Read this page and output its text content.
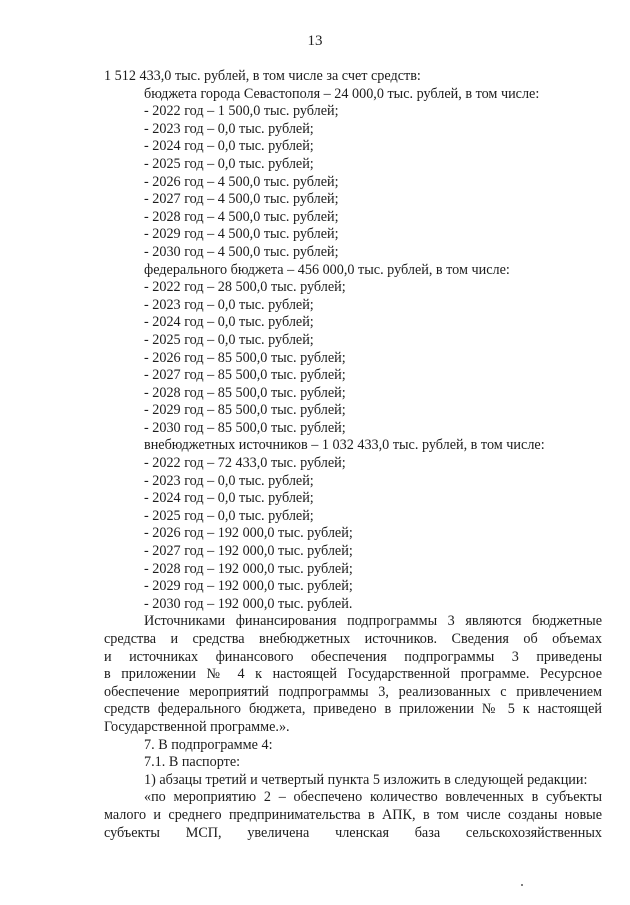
13
1 512 433,0 тыс. рублей, в том числе за счет средств:
бюджета города Севастополя – 24 000,0 тыс. рублей, в том числе:
- 2022 год – 1 500,0 тыс. рублей;
- 2023 год – 0,0 тыс. рублей;
- 2024 год – 0,0 тыс. рублей;
- 2025 год – 0,0 тыс. рублей;
- 2026 год – 4 500,0 тыс. рублей;
- 2027 год – 4 500,0 тыс. рублей;
- 2028 год – 4 500,0 тыс. рублей;
- 2029 год – 4 500,0 тыс. рублей;
- 2030 год – 4 500,0 тыс. рублей;
федерального бюджета – 456 000,0 тыс. рублей, в том числе:
- 2022 год – 28 500,0 тыс. рублей;
- 2023 год – 0,0 тыс. рублей;
- 2024 год – 0,0 тыс. рублей;
- 2025 год – 0,0 тыс. рублей;
- 2026 год – 85 500,0 тыс. рублей;
- 2027 год – 85 500,0 тыс. рублей;
- 2028 год – 85 500,0 тыс. рублей;
- 2029 год – 85 500,0 тыс. рублей;
- 2030 год – 85 500,0 тыс. рублей;
внебюджетных источников – 1 032 433,0 тыс. рублей, в том числе:
- 2022 год – 72 433,0 тыс. рублей;
- 2023 год – 0,0 тыс. рублей;
- 2024 год – 0,0 тыс. рублей;
- 2025 год – 0,0 тыс. рублей;
- 2026 год – 192 000,0 тыс. рублей;
- 2027 год – 192 000,0 тыс. рублей;
- 2028 год – 192 000,0 тыс. рублей;
- 2029 год – 192 000,0 тыс. рублей;
- 2030 год – 192 000,0 тыс. рублей.
Источниками финансирования подпрограммы 3 являются бюджетные
средства и средства внебюджетных источников. Сведения об объемах
и источниках финансового обеспечения подпрограммы 3 приведены
в приложении № 4 к настоящей Государственной программе. Ресурсное
обеспечение мероприятий подпрограммы 3, реализованных с привлечением
средств федерального бюджета, приведено в приложении № 5 к настоящей
Государственной программе.».
7. В подпрограмме 4:
7.1. В паспорте:
1) абзацы третий и четвертый пункта 5 изложить в следующей редакции:
«по мероприятию 2 – обеспечено количество вовлеченных в субъекты
малого и среднего предпринимательства в АПК, в том числе созданы новые
субъекты МСП, увеличена членская база сельскохозяйственных
